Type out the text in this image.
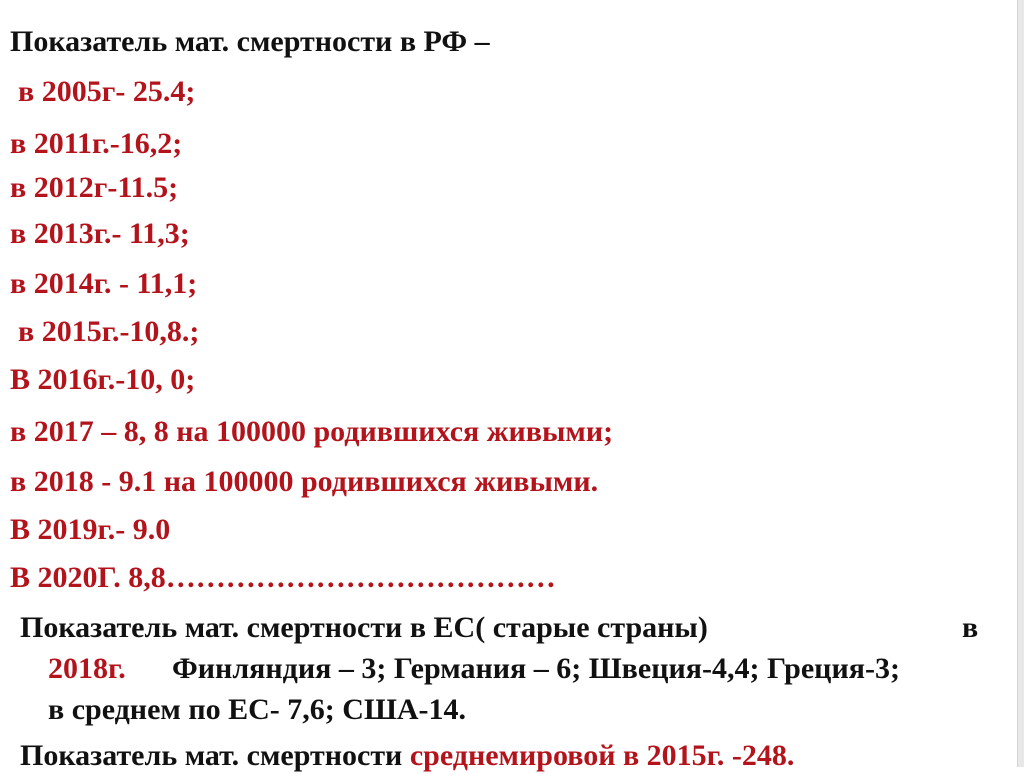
Показатель мат. смертности в РФ –
в 2005г- 25.4;
в 2011г.-16,2;
в 2012г-11.5;
в 2013г.- 11,3;
в 2014г. - 11,1;
в 2015г.-10,8.;
В 2016г.-10, 0;
в 2017 – 8, 8 на 100000 родившихся живыми;
в 2018 - 9.1 на 100000 родившихся живыми.
В 2019г.- 9.0
В 2020Г. 8,8…………………………………
Показатель мат. смертности в ЕС( старые страны)	в
2018г. Финляндия – 3; Германия – 6; Швеция-4,4; Греция-3;
в среднем по ЕС- 7,6; США-14.
Показатель мат. смертности среднемировой в 2015г. -248.
